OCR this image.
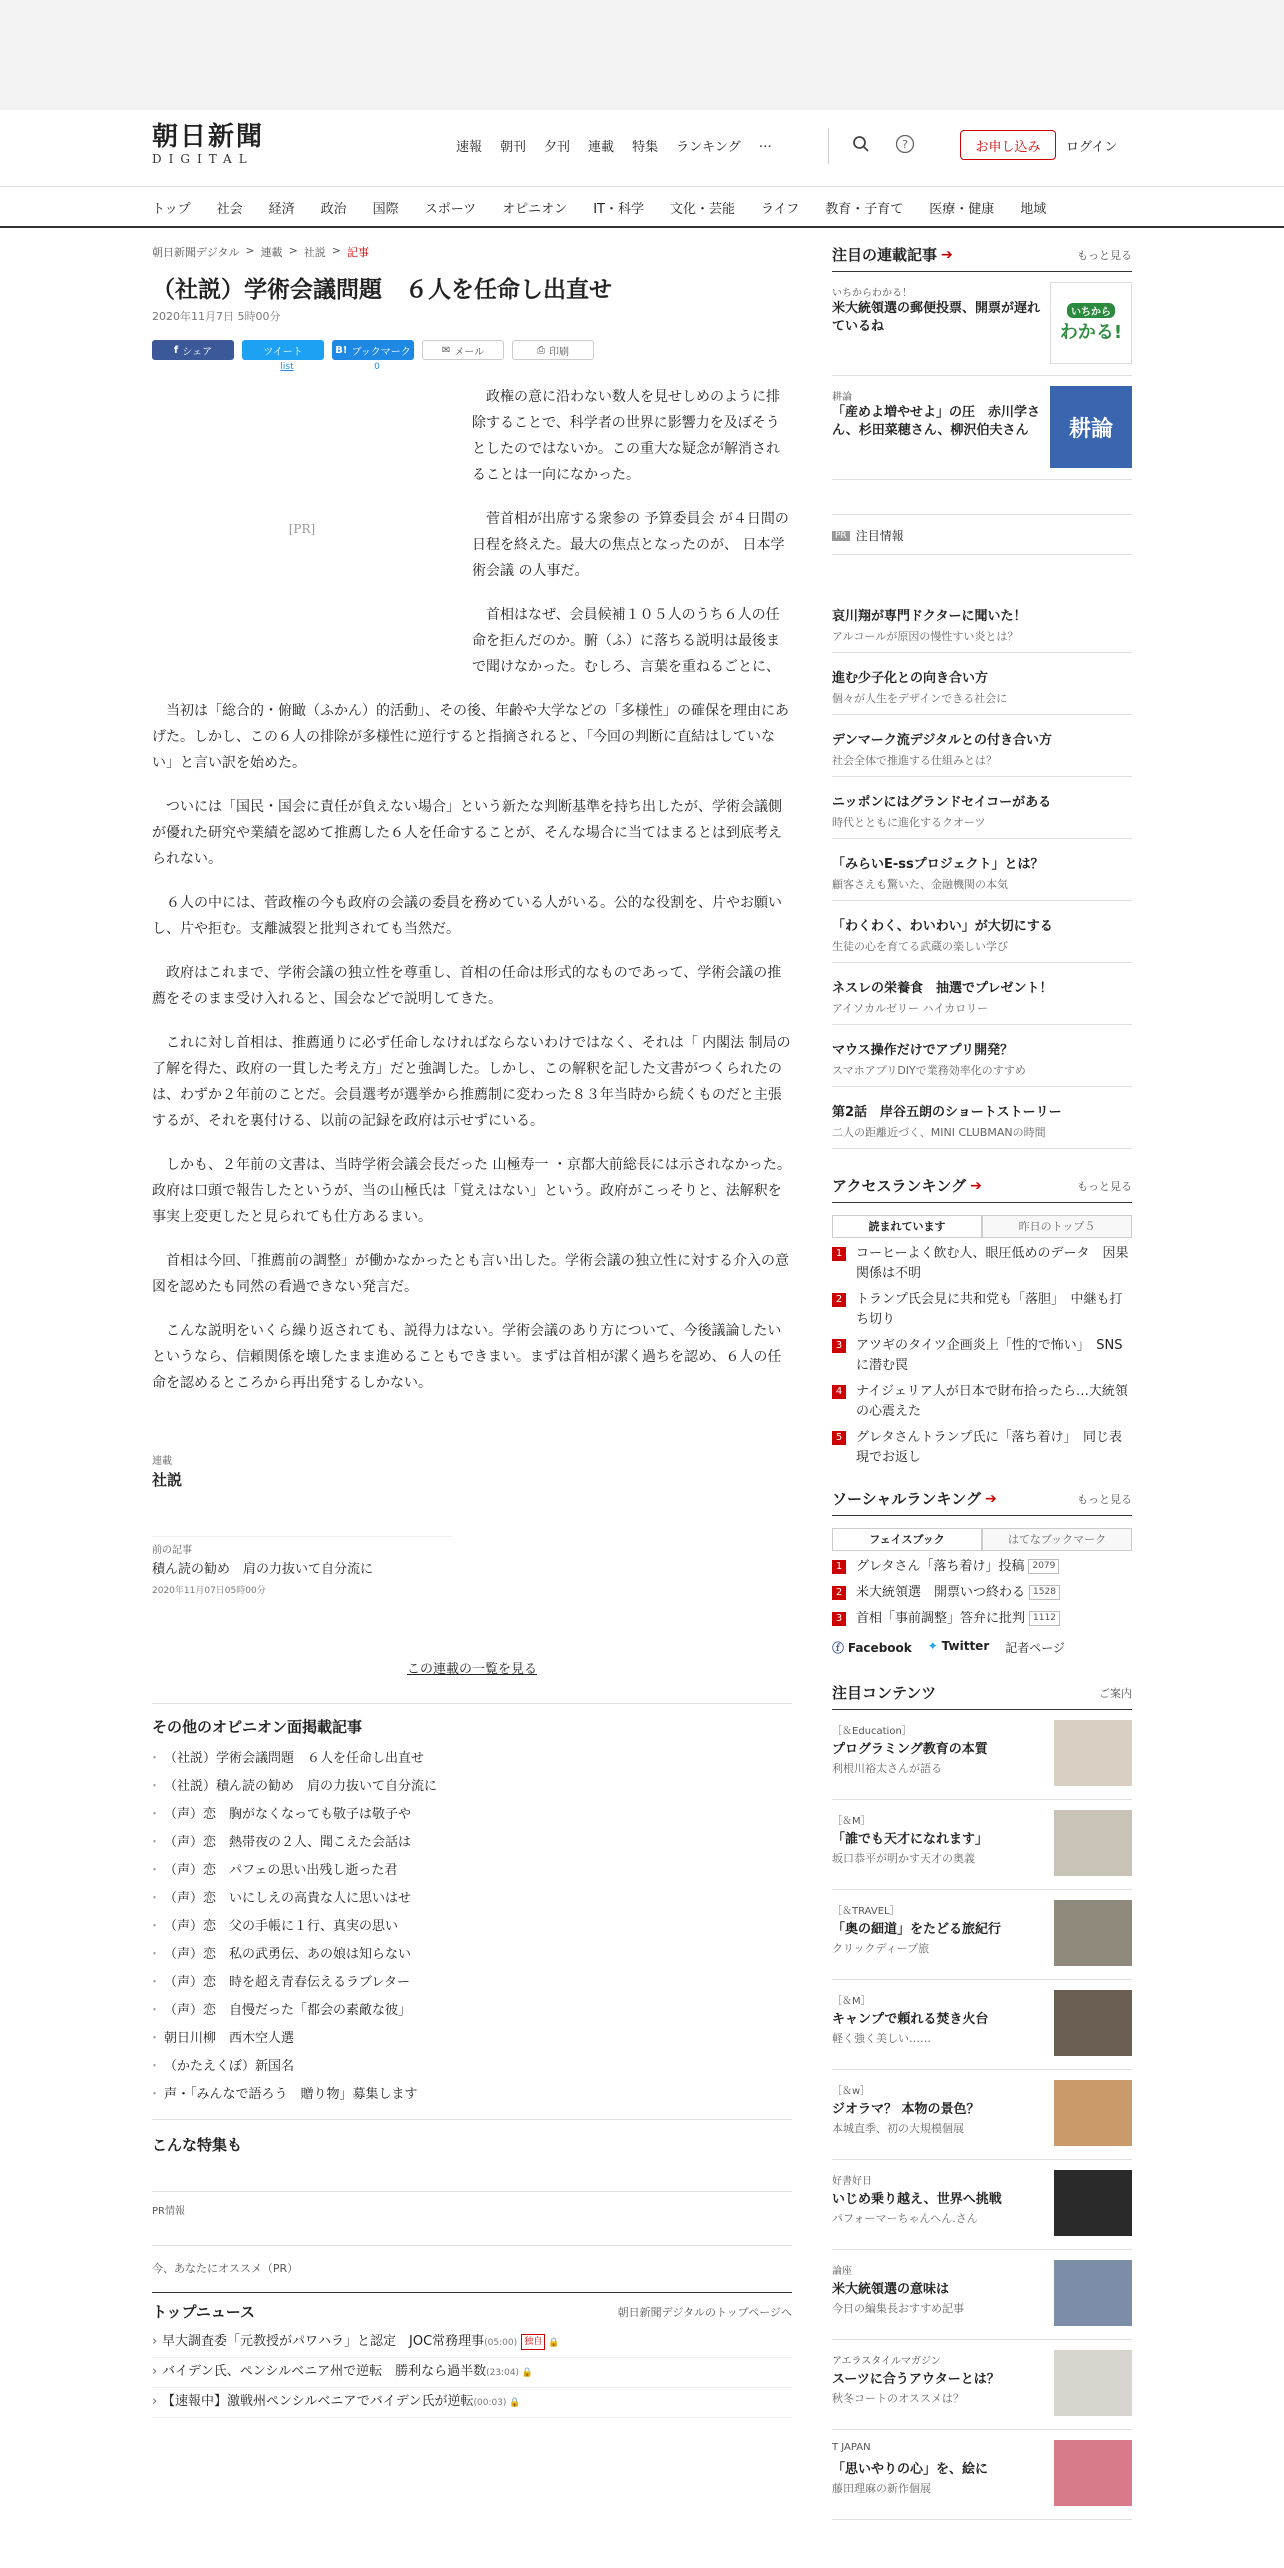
朝日新聞
DIGITAL
速報 朝刊 夕刊 連載 特集 ランキング …	?	お申し込み	ログイン
トップ 社会 経済 政治 国際 スポーツ オピニオン IT・科学 文化・芸能 ライフ 教育・子育て 医療・健康 地域
朝日新聞デジタル > 連載 > 社説 > 記事
（社説）学術会議問題　６人を任命し出直せ
2020年11月7日 5時00分
f シェア	ツイート	B! ブックマーク	✉ メール	⎙ 印刷
list	0
[PR]

政権の意に沿わない数人を見せしめのように排除することで、科学者の世界に影響力を及ぼそうとしたのではないか。この重大な疑念が解消されることは一向になかった。

菅首相が出席する衆参の 予算委員会 が４日間の日程を終えた。最大の焦点となったのが、 日本学術会議 の人事だ。

首相はなぜ、会員候補１０５人のうち６人の任命を拒んだのか。腑（ふ）に落ちる説明は最後まで聞けなかった。むしろ、言葉を重ねるごとに、

当初は「総合的・俯瞰（ふかん）的活動」、その後、年齢や大学などの「多様性」の確保を理由にあげた。しかし、この６人の排除が多様性に逆行すると指摘されると、「今回の判断に直結はしていない」と言い訳を始めた。

ついには「国民・国会に責任が負えない場合」という新たな判断基準を持ち出したが、学術会議側が優れた研究や業績を認めて推薦した６人を任命することが、そんな場合に当てはまるとは到底考えられない。

６人の中には、菅政権の今も政府の会議の委員を務めている人がいる。公的な役割を、片やお願いし、片や拒む。支離滅裂と批判されても当然だ。

政府はこれまで、学術会議の独立性を尊重し、首相の任命は形式的なものであって、学術会議の推薦をそのまま受け入れると、国会などで説明してきた。

これに対し首相は、推薦通りに必ず任命しなければならないわけではなく、それは「 内閣法 制局の了解を得た、政府の一貫した考え方」だと強調した。しかし、この解釈を記した文書がつくられたのは、わずか２年前のことだ。会員選考が選挙から推薦制に変わった８３年当時から続くものだと主張するが、それを裏付ける、以前の記録を政府は示せずにいる。

しかも、２年前の文書は、当時学術会議会長だった 山極寿一 ・京都大前総長には示されなかった。政府は口頭で報告したというが、当の山極氏は「覚えはない」という。政府がこっそりと、法解釈を事実上変更したと見られても仕方あるまい。

首相は今回、「推薦前の調整」が働かなかったとも言い出した。学術会議の独立性に対する介入の意図を認めたも同然の看過できない発言だ。

こんな説明をいくら繰り返されても、説得力はない。学術会議のあり方について、今後議論したいというなら、信頼関係を壊したまま進めることもできまい。まずは首相が潔く過ちを認め、６人の任命を認めるところから再出発するしかない。

連載
社説
前の記事
積ん読の勧め　肩の力抜いて自分流に
2020年11月07日05時00分
この連載の一覧を見る
その他のオピニオン面掲載記事
・ （社説）学術会議問題　６人を任命し出直せ
・ （社説）積ん読の勧め　肩の力抜いて自分流に
・ （声）恋　胸がなくなっても敬子は敬子や
・ （声）恋　熱帯夜の２人、聞こえた会話は
・ （声）恋　パフェの思い出残し逝った君
・ （声）恋　いにしえの高貴な人に思いはせ
・ （声）恋　父の手帳に１行、真実の思い
・ （声）恋　私の武勇伝、あの娘は知らない
・ （声）恋　時を超え青春伝えるラブレター
・ （声）恋　自慢だった「都会の素敵な彼」
・ 朝日川柳　西木空人選
・ （かたえくぼ）新国名
・ 声・「みんなで語ろう　贈り物」募集します
こんな特集も
PR情報
今、あなたにオススメ（PR）
トップニュース	朝日新聞デジタルのトップページへ
› 早大調査委「元教授がパワハラ」と認定　JOC常務理事(05:00) 独自 🔒
› バイデン氏、ペンシルベニア州で逆転　勝利なら過半数(23:04) 🔒
› 【速報中】激戦州ペンシルベニアでバイデン氏が逆転(00:03) 🔒
注目の連載記事 ➔	もっと見る
いちからわかる！
米大統領選の郵便投票、開票が遅れているね
いちから
わかる!
耕論
「産めよ増やせよ」の圧　赤川学さん、杉田菜穂さん、柳沢伯夫さん	耕論
PR 注目情報
哀川翔が専門ドクターに聞いた！
アルコールが原因の慢性すい炎とは？
進む少子化との向き合い方
個々が人生をデザインできる社会に
デンマーク流デジタルとの付き合い方
社会全体で推進する仕組みとは？
ニッポンにはグランドセイコーがある
時代とともに進化するクオーツ
「みらいE-ssプロジェクト」とは？
顧客さえも驚いた、金融機関の本気
「わくわく、わいわい」が大切にする
生徒の心を育てる武蔵の楽しい学び
ネスレの栄養食　抽選でプレゼント！
アイソカルゼリー ハイカロリー
マウス操作だけでアプリ開発？
スマホアプリDIYで業務効率化のすすめ
第2話　岸谷五朗のショートストーリー
二人の距離近づく、MINI CLUBMANの時間
アクセスランキング ➔	もっと見る
読まれています	昨日のトップ５
1 コーヒーよく飲む人、眼圧低めのデータ　因果関係は不明
2 トランプ氏会見に共和党も「落胆」　中継も打ち切り
3 アツギのタイツ企画炎上「性的で怖い」　SNSに潜む罠
4 ナイジェリア人が日本で財布拾ったら…大統領の心震えた
5 グレタさんトランプ氏に「落ち着け」　同じ表現でお返し
ソーシャルランキング ➔	もっと見る
フェイスブック	はてなブックマーク
1 グレタさん「落ち着け」投稿 2079
2 米大統領選　開票いつ終わる 1528
3 首相「事前調整」答弁に批判 1112
ⓕ Facebook ✦ Twitter 記者ページ
注目コンテンツ	ご案内
［＆Education］
プログラミング教育の本質
利根川裕太さんが語る
［＆M］
「誰でも天才になれます」
坂口恭平が明かす天才の奥義
［＆TRAVEL］
「奥の細道」をたどる旅紀行
クリックディープ旅
［＆M］
キャンプで頼れる焚き火台
軽く強く美しい……
［＆w］
ジオラマ？ 本物の景色？
本城直季、初の大規模個展
好書好日
いじめ乗り越え、世界へ挑戦
パフォーマーちゃんへん.さん
論座
米大統領選の意味は
今日の編集長おすすめ記事
アエラスタイルマガジン
スーツに合うアウターとは？
秋冬コートのオススメは？
T JAPAN
「思いやりの心」を、絵に
藤田理麻の新作個展
